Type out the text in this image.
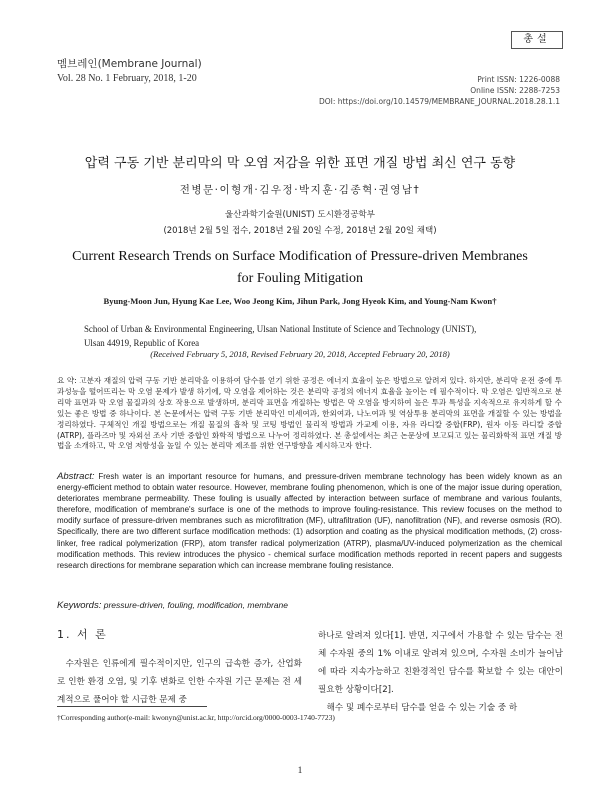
멤브레인(Membrane Journal)
Vol. 28 No. 1 February, 2018, 1-20
총설
Print ISSN: 1226-0088
Online ISSN: 2288-7253
DOI: https://doi.org/10.14579/MEMBRANE_JOURNAL.2018.28.1.1
압력 구동 기반 분리막의 막 오염 저감을 위한 표면 개질 방법 최신 연구 동향
전병문·이형개·김우정·박지훈·김종혁·권영남†
울산과학기술원(UNIST) 도시환경공학부
(2018년 2월 5일 접수, 2018년 2월 20일 수정, 2018년 2월 20일 채택)
Current Research Trends on Surface Modification of Pressure-driven Membranes
for Fouling Mitigation
Byung-Moon Jun, Hyung Kae Lee, Woo Jeong Kim, Jihun Park, Jong Hyeok Kim, and Young-Nam Kwon†
School of Urban & Environmental Engineering, Ulsan National Institute of Science and Technology (UNIST),
Ulsan 44919, Republic of Korea
(Received February 5, 2018, Revised February 20, 2018, Accepted February 20, 2018)
요 약: 고분자 재질의 압력 구동 기반 분리막을 이용하여 담수를 얻기 위한 공정은 에너지 효율이 높은 방법으로 알려져 있다. 하지만, 분리막 운전 중에 투과성능을 떨어뜨리는 막 오염 문제가 발생 하기에, 막 오염을 제어하는 것은 분리막 공정의 에너지 효율을 높이는 데 필수적이다. 막 오염은 일반적으로 분리막 표면과 막 오염 물질과의 상호 작용으로 발생하며, 분리막 표면을 개질하는 방법은 막 오염을 방지하여 높은 투과 특성을 지속적으로 유지하게 할 수 있는 좋은 방법 중 하나이다. 본 논문에서는 압력 구동 기반 분리막인 미세여과, 한외여과, 나노여과 및 역삼투용 분리막의 표면을 개질할 수 있는 방법을 정리하였다. 구체적인 개질 방법으로는 개질 물질의 흡착 및 코팅 방법인 물리적 방법과 가교제 이용, 자유 라디칼 중합(FRP), 원자 이동 라디칼 중합(ATRP), 플라즈마 및 자외선 조사 기반 중합인 화학적 방법으로 나누어 정리하였다. 본 총설에서는 최근 논문상에 보고되고 있는 물리화학적 표면 개질 방법을 소개하고, 막 오염 저항성을 높일 수 있는 분리막 제조를 위한 연구방향을 제시하고자 한다.
Abstract: Fresh water is an important resource for humans, and pressure-driven membrane technology has been widely known as an energy-efficient method to obtain water resource. However, membrane fouling phenomenon, which is one of the major issue during operation, deteriorates membrane permeability. These fouling is usually affected by interaction between surface of membrane and various foulants, therefore, modification of membrane's surface is one of the methods to improve fouling-resistance. This review focuses on the method to modify surface of pressure-driven membranes such as microfiltration (MF), ultrafiltration (UF), nanofiltration (NF), and reverse osmosis (RO). Specifically, there are two different surface modification methods: (1) adsorption and coating as the physical modification methods, (2) cross-linker, free radical polymerization (FRP), atom transfer radical polymerization (ATRP), plasma/UV-induced polymerization as the chemical modification methods. This review introduces the physico - chemical surface modification methods reported in recent papers and suggests research directions for membrane separation which can increase membrane fouling resistance.
Keywords: pressure-driven, fouling, modification, membrane
1. 서 론

수자원은 인류에게 필수적이지만, 인구의 급속한 증가, 산업화로 인한 환경 오염, 및 기후 변화로 인한 수자원 기근 문제는 전 세계적으로 풀어야 할 시급한 문제 중

하나로 알려져 있다[1]. 반면, 지구에서 가용할 수 있는 담수는 전체 수자원 중의 1% 이내로 알려져 있으며, 수자원 소비가 늘어남에 따라 지속가능하고 친환경적인 담수를 확보할 수 있는 대안이 필요한 상황이다[2].

해수 및 폐수로부터 담수를 얻을 수 있는 기술 중 하

†Corresponding author(e-mail: kwonyn@unist.ac.kr, http://orcid.org/0000-0003-1740-7723)
1
